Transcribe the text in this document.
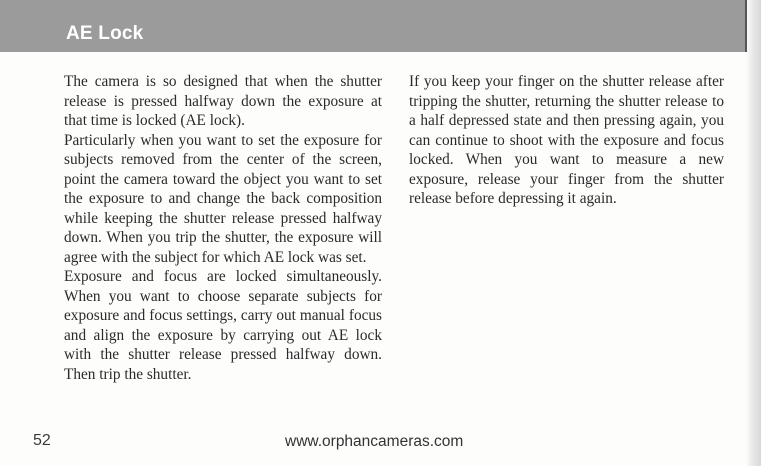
AE Lock

The camera is so designed that when the shutter release is pressed halfway down the exposure at that time is locked (AE lock).

Particularly when you want to set the exposure for subjects removed from the center of the screen, point the camera toward the object you want to set the exposure to and change the back composition while keeping the shutter release pressed halfway down. When you trip the shutter, the exposure will agree with the subject for which AE lock was set.

Exposure and focus are locked simultaneously. When you want to choose separate subjects for exposure and focus settings, carry out manual focus and align the exposure by carrying out AE lock with the shutter release pressed halfway down. Then trip the shutter.

If you keep your finger on the shutter release after tripping the shutter, returning the shutter release to a half depressed state and then pressing again, you can continue to shoot with the exposure and focus locked. When you want to measure a new exposure, release your finger from the shutter release before depressing it again.

52	www.orphancameras.com
